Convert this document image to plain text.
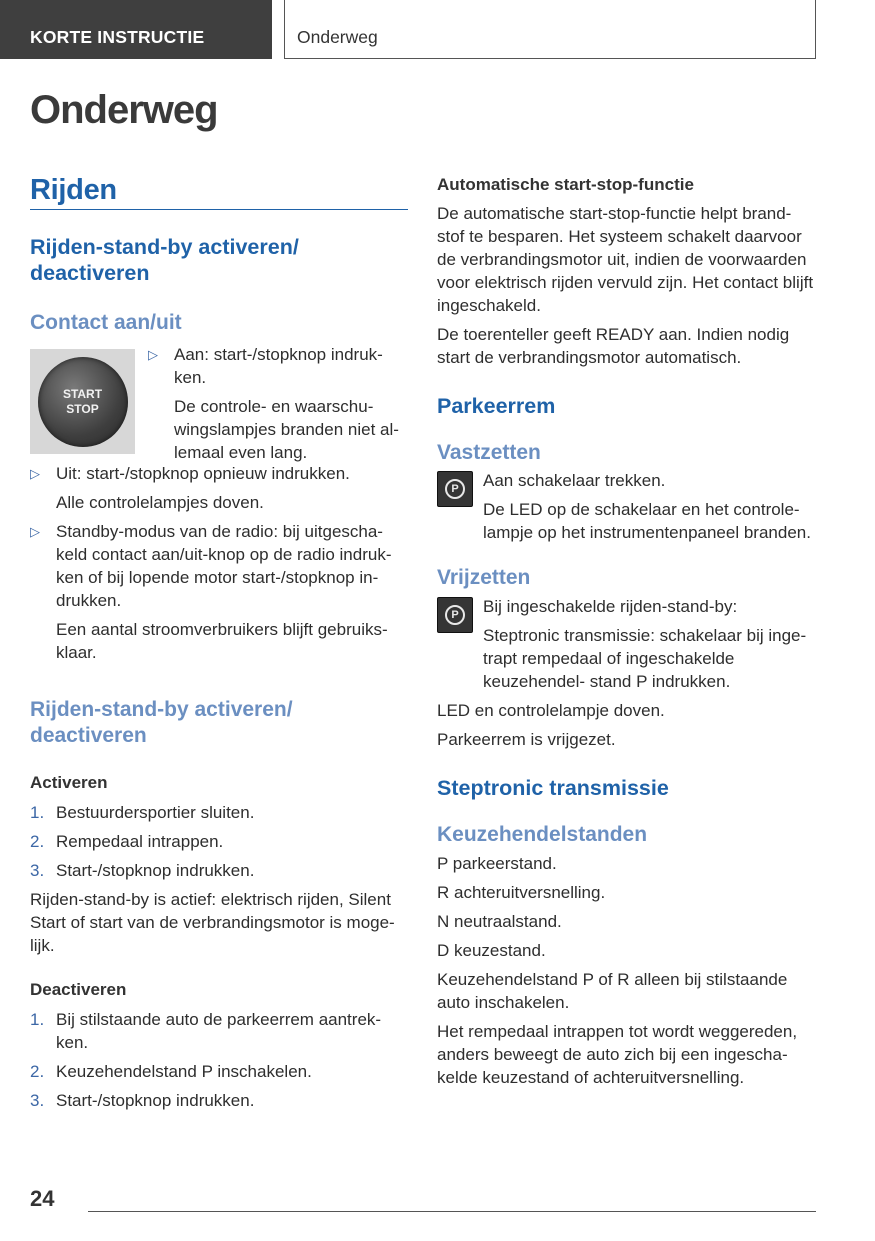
KORTE INSTRUCTIE	Onderweg
Onderweg
Rijden
Rijden-stand-by activeren/ deactiveren
Contact aan/uit
START
STOP
▷ Aan: start-/stopknop indruk- ken.
De controle- en waarschu- wingslampjes branden niet al- lemaal even lang.
▷ Uit: start-/stopknop opnieuw indrukken.
Alle controlelampjes doven.
▷ Standby-modus van de radio: bij uitgescha- keld contact aan/uit-knop op de radio indruk- ken of bij lopende motor start-/stopknop in- drukken.
Een aantal stroomverbruikers blijft gebruiks- klaar.
Rijden-stand-by activeren/ deactiveren
Activeren
1. Bestuurdersportier sluiten.
2. Rempedaal intrappen.
3. Start-/stopknop indrukken.

Rijden-stand-by is actief: elektrisch rijden, Silent Start of start van de verbrandingsmotor is moge- lijk.

Deactiveren
1. Bij stilstaande auto de parkeerrem aantrek- ken.
2. Keuzehendelstand P inschakelen.
3. Start-/stopknop indrukken.
Automatische start-stop-functie

De automatische start-stop-functie helpt brand- stof te besparen. Het systeem schakelt daarvoor de verbrandingsmotor uit, indien de voorwaarden voor elektrisch rijden vervuld zijn. Het contact blijft ingeschakeld.

De toerenteller geeft READY aan. Indien nodig start de verbrandingsmotor automatisch.

Parkeerrem
Vastzetten
P	Aan schakelaar trekken.

De LED op de schakelaar en het controle- lampje op het instrumentenpaneel branden.

Vrijzetten
P	Bij ingeschakelde rijden-stand-by:

Steptronic transmissie: schakelaar bij inge- trapt rempedaal of ingeschakelde keuzehendel- stand P indrukken.

LED en controlelampje doven.

Parkeerrem is vrijgezet.

Steptronic transmissie
Keuzehendelstanden

P parkeerstand.

R achteruitversnelling.

N neutraalstand.

D keuzestand.

Keuzehendelstand P of R alleen bij stilstaande auto inschakelen.

Het rempedaal intrappen tot wordt weggereden, anders beweegt de auto zich bij een ingescha- kelde keuzestand of achteruitversnelling.

24
